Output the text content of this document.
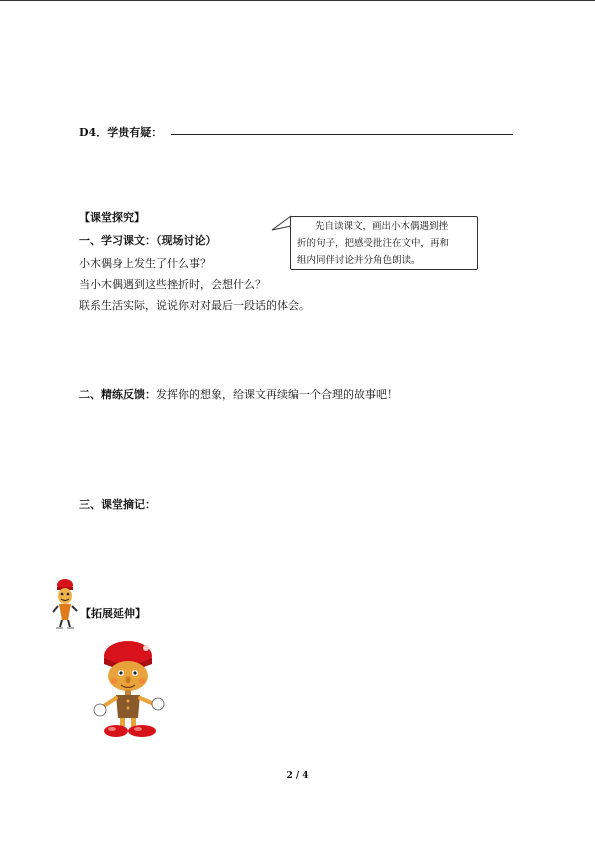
D4．学贵有疑：
【课堂探究】
一、学习课文：（现场讨论）
小木偶身上发生了什么事？
当小木偶遇到这些挫折时，会想什么？
联系生活实际，说说你对对最后一段话的体会。
先自读课文，画出小木偶遇到挫
折的句子，把感受批注在文中，再和
组内同伴讨论并分角色朗读。
二、精练反馈：发挥你的想象，给课文再续编一个合理的故事吧！
三、课堂摘记：
【拓展延伸】
2 / 4
